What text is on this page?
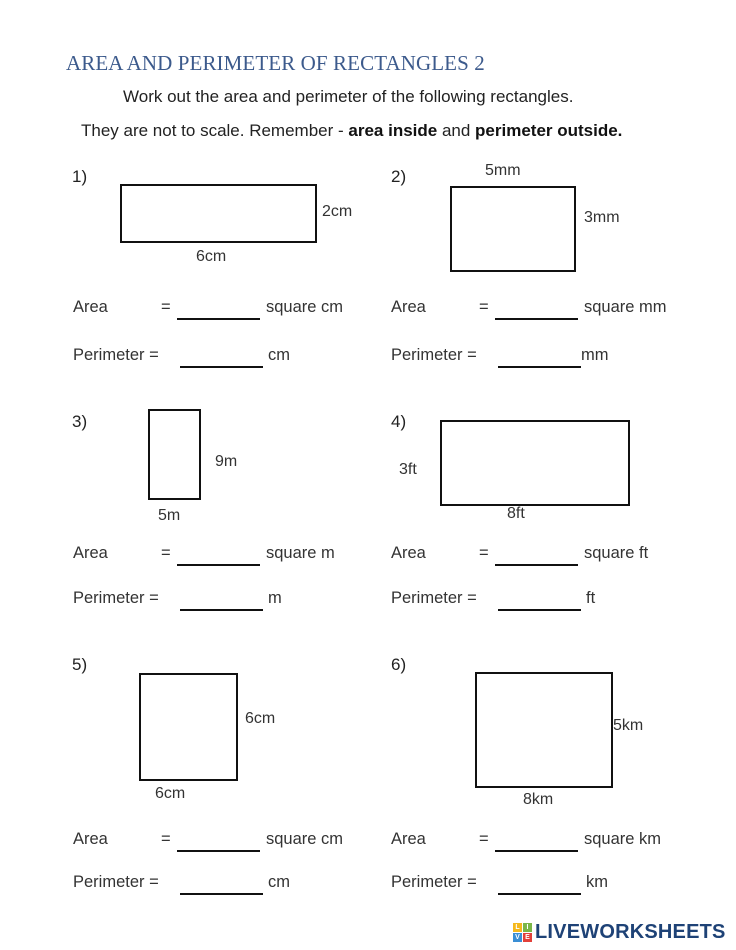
AREA AND PERIMETER OF RECTANGLES 2
Work out the area and perimeter of the following rectangles.
They are not to scale. Remember - area inside and perimeter outside.
1)
2cm
6cm
Area	=	square cm
Perimeter =	cm
2)	5mm
3mm
Area	=	square mm
Perimeter =	mm
3)
9m
5m
Area	=	square m
Perimeter =	m
4)
3ft
8ft
Area	=	square ft
Perimeter =	ft
5)
6cm
6cm
Area	=	square cm
Perimeter =	cm
6)
5km
8km
Area	=	square km
Perimeter =	km
L I
V E LIVEWORKSHEETS
